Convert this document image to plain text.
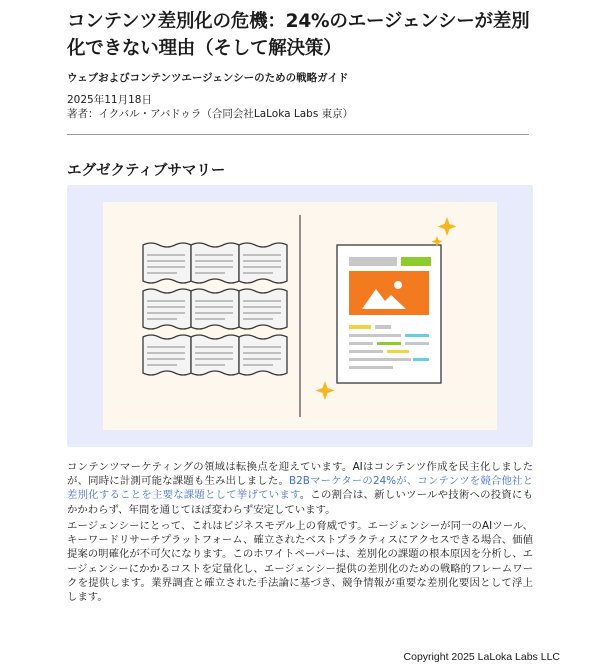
コンテンツ差別化の危機：24%のエージェンシーが差別化できない理由（そして解決策）
ウェブおよびコンテンツエージェンシーのための戦略ガイド
2025年11月18日
著者：イクバル・アバドゥラ（合同会社LaLoka Labs 東京）
エグゼクティブサマリー
コンテンツマーケティングの領域は転換点を迎えています。AIはコンテンツ作成を民主化しましたが、同時に計測可能な課題も生み出しました。B2Bマーケターの24%が、コンテンツを競合他社と差別化することを主要な課題として挙げています。この割合は、新しいツールや技術への投資にもかかわらず、年間を通じてほぼ変わらず安定しています。
エージェンシーにとって、これはビジネスモデル上の脅威です。エージェンシーが同一のAIツール、キーワードリサーチプラットフォーム、確立されたベストプラクティスにアクセスできる場合、価値提案の明確化が不可欠になります。このホワイトペーパーは、差別化の課題の根本原因を分析し、エージェンシーにかかるコストを定量化し、エージェンシー提供の差別化のための戦略的フレームワークを提供します。業界調査と確立された手法論に基づき、競争情報が重要な差別化要因として浮上します。
Copyright 2025 LaLoka Labs LLC
